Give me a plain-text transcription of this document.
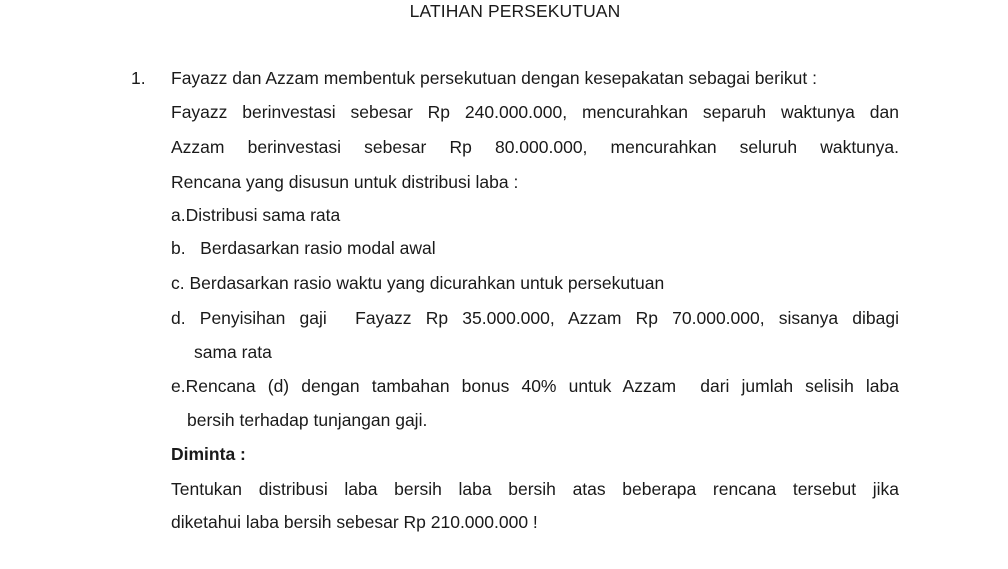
LATIHAN PERSEKUTUAN
1. Fayazz dan Azzam membentuk persekutuan dengan kesepakatan sebagai berikut :
Fayazz berinvestasi sebesar Rp 240.000.000, mencurahkan separuh waktunya dan
Azzam berinvestasi sebesar Rp 80.000.000, mencurahkan seluruh waktunya.
Rencana yang disusun untuk distribusi laba :
a.Distribusi sama rata
b.   Berdasarkan rasio modal awal
c. Berdasarkan rasio waktu yang dicurahkan untuk persekutuan
d. Penyisihan gaji  Fayazz Rp 35.000.000, Azzam Rp 70.000.000, sisanya dibagi
sama rata
e.Rencana (d) dengan tambahan bonus 40% untuk Azzam  dari jumlah selisih laba
bersih terhadap tunjangan gaji.
Diminta :
Tentukan distribusi laba bersih laba bersih atas beberapa rencana tersebut jika
diketahui laba bersih sebesar Rp 210.000.000 !
